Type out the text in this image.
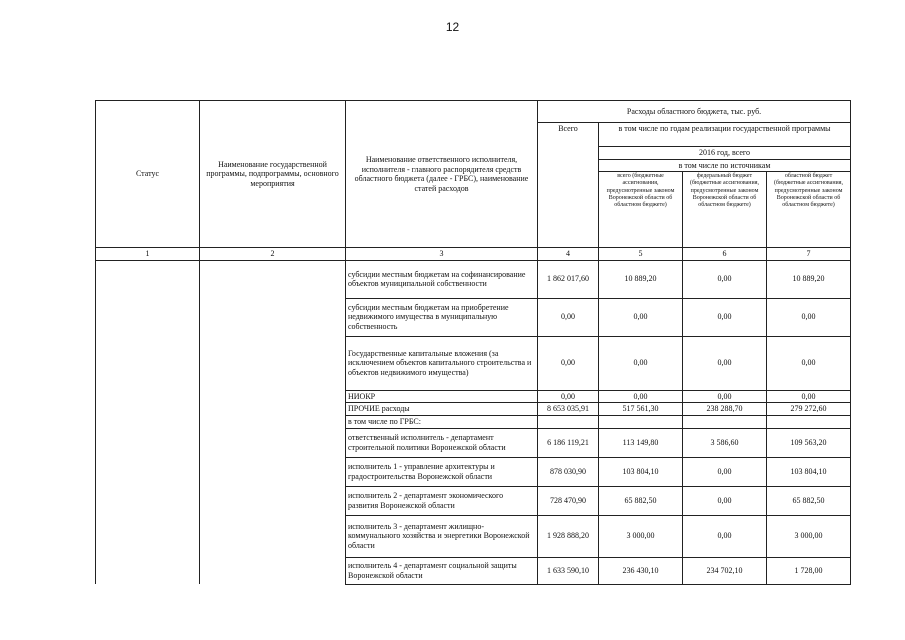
12
Статус	Наименование государственной программы, подпрограммы, основного мероприятия	Наименование ответственного исполнителя, исполнителя - главного распорядителя средств областного бюджета (далее - ГРБС), наименование статей расходов	Расходы областного бюджета, тыс. руб.			
			Всего	в том числе по годам реализации государственной программы		
				2016 год, всего		
				в том числе по источникам		
				всего (бюджетные ассигнования, предусмотренные законом Воронежской области об областном бюджете)	федеральный бюджет (бюджетные ассигнования, предусмотренные законом Воронежской области об областном бюджете)	областной бюджет (бюджетные ассигнования, предусмотренные законом Воронежской области об областном бюджете)
1	2	3	4	5	6	7
		субсидии местным бюджетам на софинансирование объектов муниципальной собственности	1 862 017,60	10 889,20	0,00	10 889,20
		субсидии местным бюджетам на приобретение недвижимого имущества в муниципальную собственность	0,00	0,00	0,00	0,00
		Государственные капитальные вложения (за исключением объектов капитального строительства и объектов недвижимого имущества)	0,00	0,00	0,00	0,00
		НИОКР	0,00	0,00	0,00	0,00
		ПРОЧИЕ расходы	8 653 035,91	517 561,30	238 288,70	279 272,60
		в том числе по ГРБС:				
		ответственный исполнитель - департамент строительной политики Воронежской области	6 186 119,21	113 149,80	3 586,60	109 563,20
		исполнитель 1 - управление архитектуры и градостроительства Воронежской области	878 030,90	103 804,10	0,00	103 804,10
		исполнитель 2 - департамент экономического развития Воронежской области	728 470,90	65 882,50	0,00	65 882,50
		исполнитель 3 - департамент жилищно-коммунального хозяйства и энергетики Воронежской области	1 928 888,20	3 000,00	0,00	3 000,00
		исполнитель 4 - департамент социальной защиты Воронежской области	1 633 590,10	236 430,10	234 702,10	1 728,00
